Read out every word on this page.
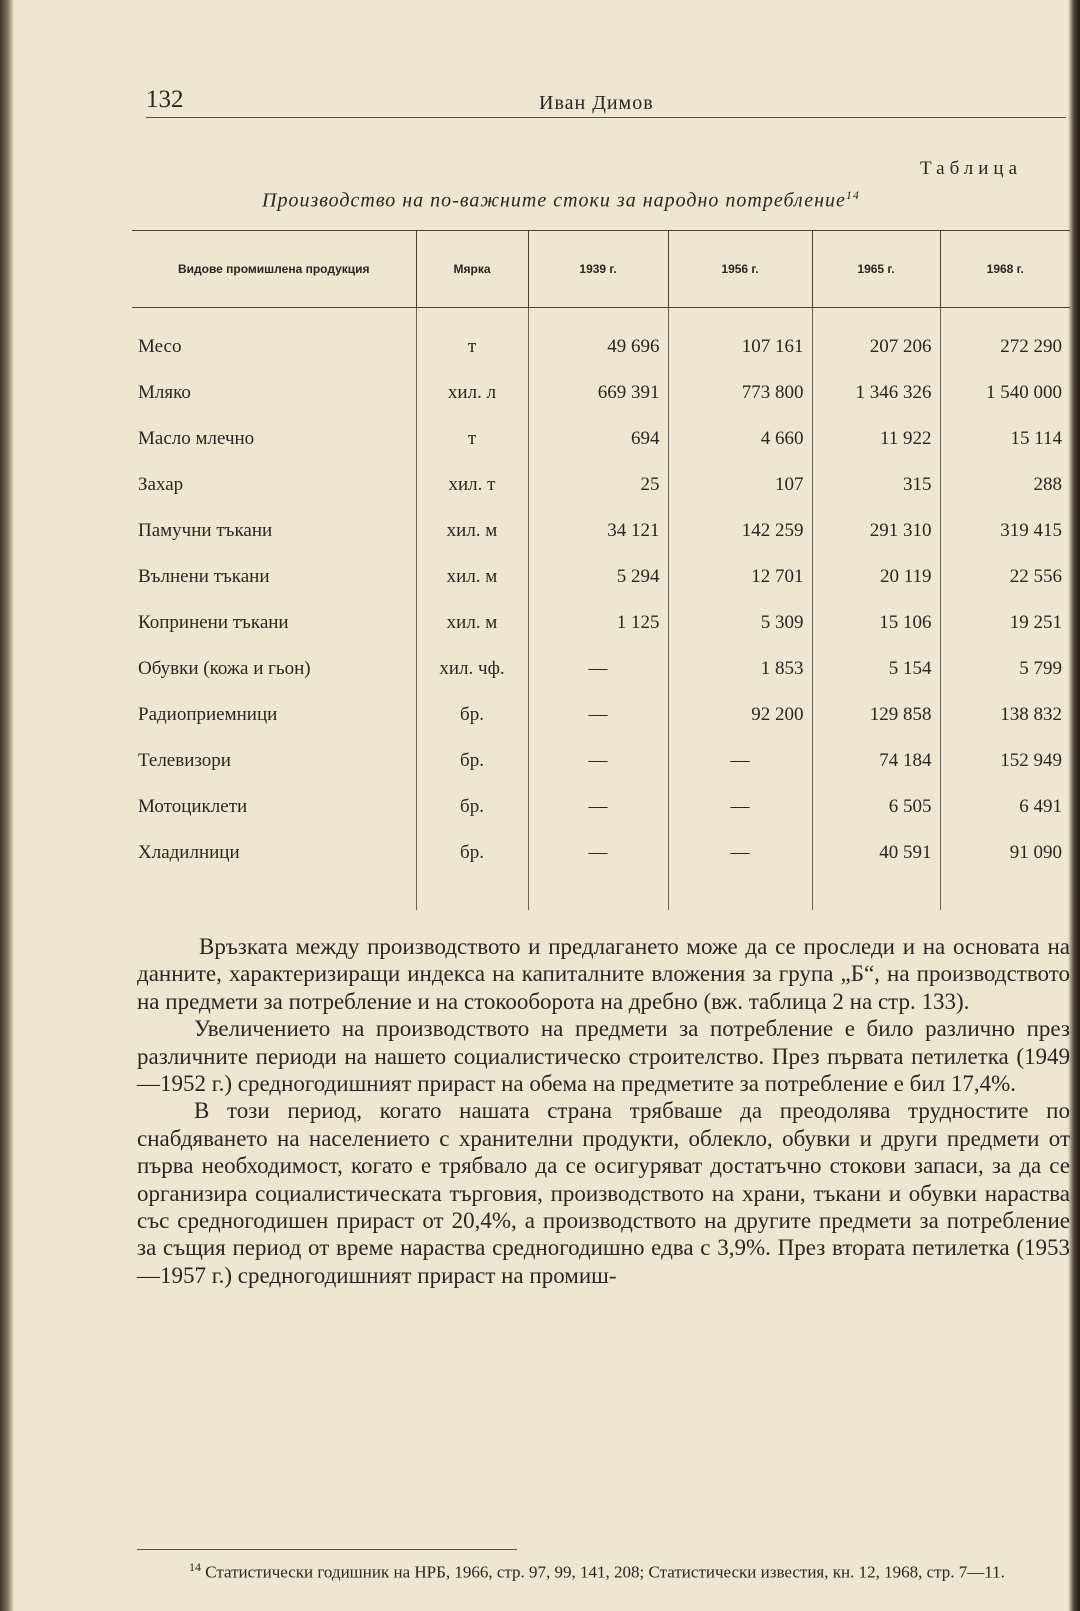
132	Иван Димов
Таблица
Производство на по-важните стоки за народно потребление$^{14}$
Видове промишлена продукция	Мярка	1939 г.	1956 г.	1965 г.	1968 г.
Месо	т	49 696	107 161	207 206	272 290
Мляко	хил. л	669 391	773 800	1 346 326	1 540 000
Масло млечно	т	694	4 660	11 922	15 114
Захар	хил. т	25	107	315	288
Памучни тъкани	хил. м	34 121	142 259	291 310	319 415
Вълнени тъкани	хил. м	5 294	12 701	20 119	22 556
Копринени тъкани	хил. м	1 125	5 309	15 106	19 251
Обувки (кожа и гьон)	хил. чф.	—	1 853	5 154	5 799
Радиоприемници	бр.	—	92 200	129 858	138 832
Телевизори	бр.	—	—	74 184	152 949
Мотоциклети	бр.	—	—	6 505	6 491
Хладилници	бр.	—	—	40 591	91 090

Връзката между производството и предлагането може да се проследи и на основата на данните, характеризиращи индекса на капиталните вложения за група „Б“, на производството на предмети за потребление и на стокооборота на дребно (вж. таблица 2 на стр. 133).

Увеличението на производството на предмети за потребление е било различно през различните периоди на нашето социалистическо строителство. През първата петилетка (1949—1952 г.) средногодишният прираст на обема на предметите за потребление е бил 17,4%.

В този период, когато нашата страна трябваше да преодолява трудностите по снабдяването на населението с хранителни продукти, облекло, обувки и други предмети от първа необходимост, когато е трябвало да се осигуряват достатъчно стокови запаси, за да се организира социалистическата търговия, производството на храни, тъкани и обувки нараства със средногодишен прираст от 20,4%, а производството на другите предмети за потребление за същия период от време нараства средногодишно едва с 3,9%. През втората петилетка (1953—1957 г.) средногодишният прираст на промиш-

$^{14}$ Статистически годишник на НРБ, 1966, стр. 97, 99, 141, 208; Статистически известия, кн. 12, 1968, стр. 7—11.
